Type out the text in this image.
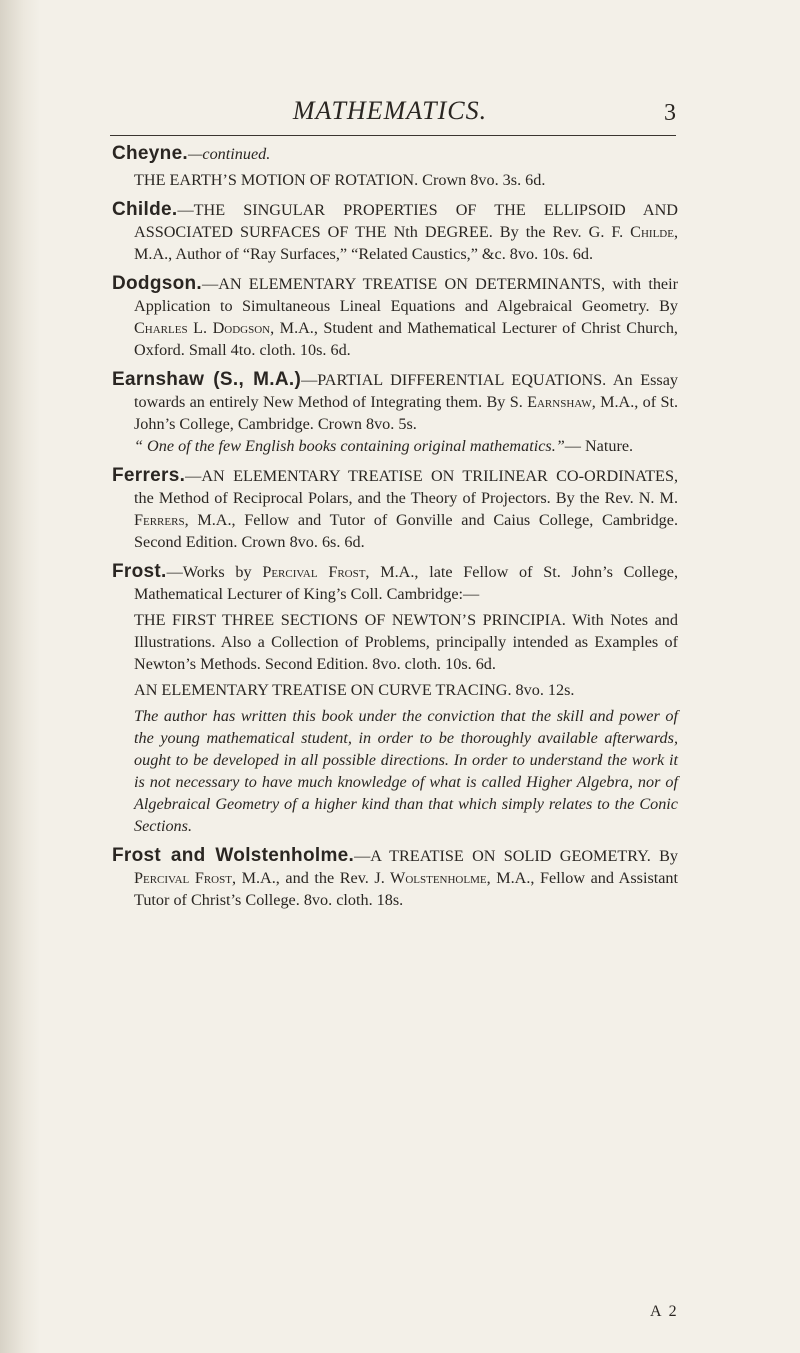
MATHEMATICS.	3

Cheyne.—continued.

THE EARTH’S MOTION OF ROTATION. Crown 8vo. 3s. 6d.

Childe.—THE SINGULAR PROPERTIES OF THE ELLIPSOID AND ASSOCIATED SURFACES OF THE Nth DEGREE. By the Rev. G. F. Childe, M.A., Author of “Ray Surfaces,” “Related Caustics,” &c. 8vo. 10s. 6d.

Dodgson.—AN ELEMENTARY TREATISE ON DETERMINANTS, with their Application to Simultaneous Lineal Equations and Algebraical Geometry. By Charles L. Dodgson, M.A., Student and Mathematical Lecturer of Christ Church, Oxford. Small 4to. cloth. 10s. 6d.

Earnshaw (S., M.A.)—PARTIAL DIFFERENTIAL EQUATIONS. An Essay towards an entirely New Method of Integrating them. By S. Earnshaw, M.A., of St. John’s College, Cambridge. Crown 8vo. 5s.

“ One of the few English books containing original mathematics.”— Nature.

Ferrers.—AN ELEMENTARY TREATISE ON TRILINEAR CO-ORDINATES, the Method of Reciprocal Polars, and the Theory of Projectors. By the Rev. N. M. Ferrers, M.A., Fellow and Tutor of Gonville and Caius College, Cambridge. Second Edition. Crown 8vo. 6s. 6d.

Frost.—Works by Percival Frost, M.A., late Fellow of St. John’s College, Mathematical Lecturer of King’s Coll. Cambridge:—

THE FIRST THREE SECTIONS OF NEWTON’S PRINCIPIA. With Notes and Illustrations. Also a Collection of Problems, principally intended as Examples of Newton’s Methods. Second Edition. 8vo. cloth. 10s. 6d.

AN ELEMENTARY TREATISE ON CURVE TRACING. 8vo. 12s.

The author has written this book under the conviction that the skill and power of the young mathematical student, in order to be thoroughly available afterwards, ought to be developed in all possible directions. In order to understand the work it is not necessary to have much knowledge of what is called Higher Algebra, nor of Algebraical Geometry of a higher kind than that which simply relates to the Conic Sections.

Frost and Wolstenholme.—A TREATISE ON SOLID GEOMETRY. By Percival Frost, M.A., and the Rev. J. Wolstenholme, M.A., Fellow and Assistant Tutor of Christ’s College. 8vo. cloth. 18s.

A 2
